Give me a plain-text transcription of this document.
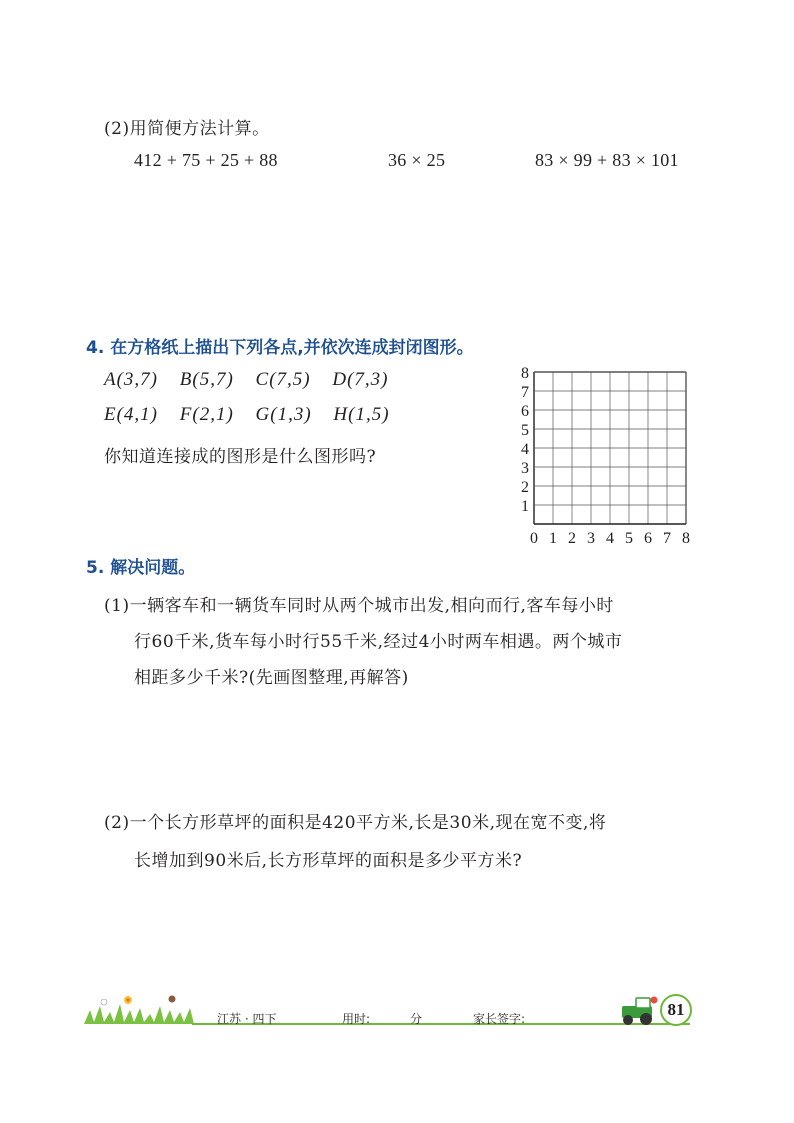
(2)用简便方法计算。
412 + 75 + 25 + 88	36 × 25	83 × 99 + 83 × 101
4. 在方格纸上描出下列各点,并依次连成封闭图形。
A(3,7) B(5,7) C(7,5) D(7,3)
E(4,1) F(2,1) G(1,3) H(1,5)
你知道连接成的图形是什么图形吗?
0 1 2 3 4 5 6 7 8
1
2
3
4
5
6
7
8
5. 解决问题。
(1)一辆客车和一辆货车同时从两个城市出发,相向而行,客车每小时
行60千米,货车每小时行55千米,经过4小时两车相遇。两个城市
相距多少千米?(先画图整理,再解答)
(2)一个长方形草坪的面积是420平方米,长是30米,现在宽不变,将
长增加到90米后,长方形草坪的面积是多少平方米?
江苏 · 四下	用时:	分	家长签字:	81
